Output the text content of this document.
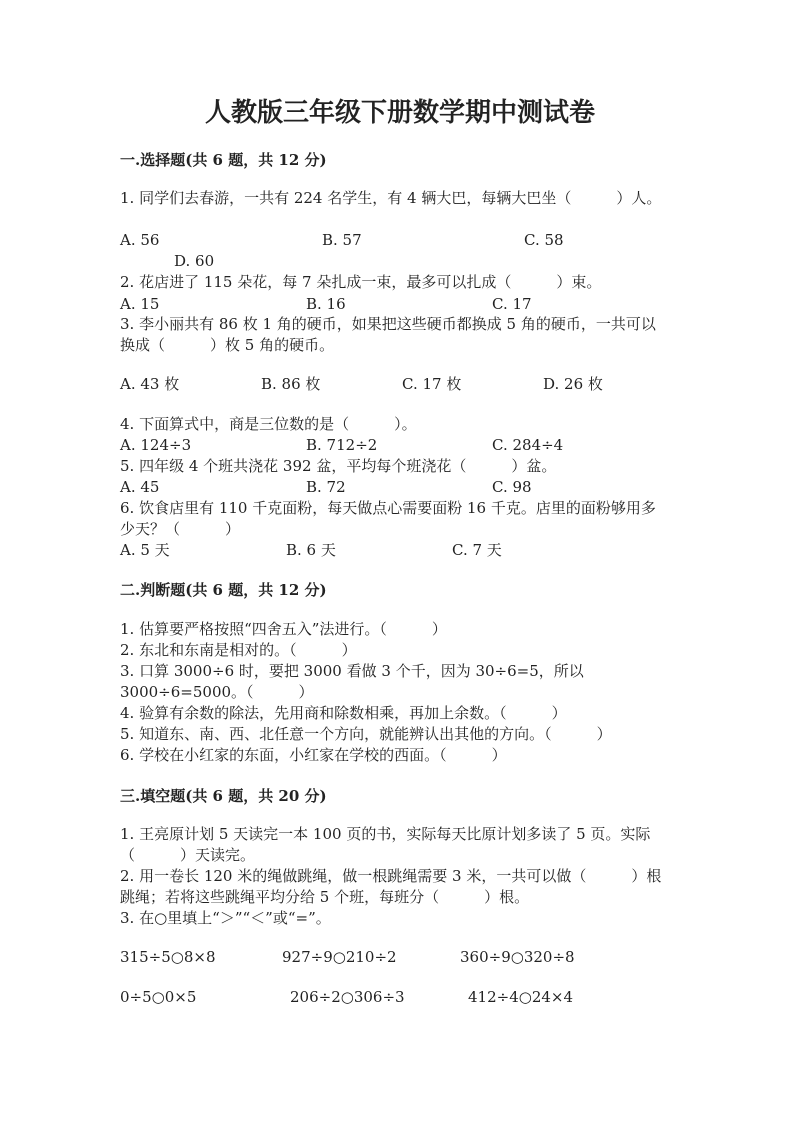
人教版三年级下册数学期中测试卷
一.选择题(共 6 题，共 12 分)
1. 同学们去春游，一共有 224 名学生，有 4 辆大巴，每辆大巴坐（　　　）人。
A. 56	B. 57	C. 58
D. 60
2. 花店进了 115 朵花，每 7 朵扎成一束，最多可以扎成（　　　）束。
A. 15	B. 16	C. 17
3. 李小丽共有 86 枚 1 角的硬币，如果把这些硬币都换成 5 角的硬币，一共可以
换成（　　　）枚 5 角的硬币。
A. 43 枚	B. 86 枚	C. 17 枚	D. 26 枚
4. 下面算式中，商是三位数的是（　　　）。
A. 124÷3	B. 712÷2	C. 284÷4
5. 四年级 4 个班共浇花 392 盆，平均每个班浇花（　　　）盆。
A. 45	B. 72	C. 98
6. 饮食店里有 110 千克面粉，每天做点心需要面粉 16 千克。店里的面粉够用多
少天？（　　　）
A. 5 天	B. 6 天	C. 7 天
二.判断题(共 6 题，共 12 分)
1. 估算要严格按照“四舍五入”法进行。（　　　）
2. 东北和东南是相对的。（　　　）
3. 口算 3000÷6 时，要把 3000 看做 3 个千，因为 30÷6=5，所以
3000÷6=5000。（　　　）
4. 验算有余数的除法，先用商和除数相乘，再加上余数。（　　　）
5. 知道东、南、西、北任意一个方向，就能辨认出其他的方向。（　　　）
6. 学校在小红家的东面，小红家在学校的西面。（　　　）
三.填空题(共 6 题，共 20 分)
1. 王亮原计划 5 天读完一本 100 页的书，实际每天比原计划多读了 5 页。实际
（　　　）天读完。
2. 用一卷长 120 米的绳做跳绳，做一根跳绳需要 3 米，一共可以做（　　　）根
跳绳；若将这些跳绳平均分给 5 个班，每班分（　　　）根。
3. 在○里填上“＞”“＜”或“=”。
315÷5○8×8	927÷9○210÷2	360÷9○320÷8
0÷5○0×5	206÷2○306÷3	412÷4○24×4
